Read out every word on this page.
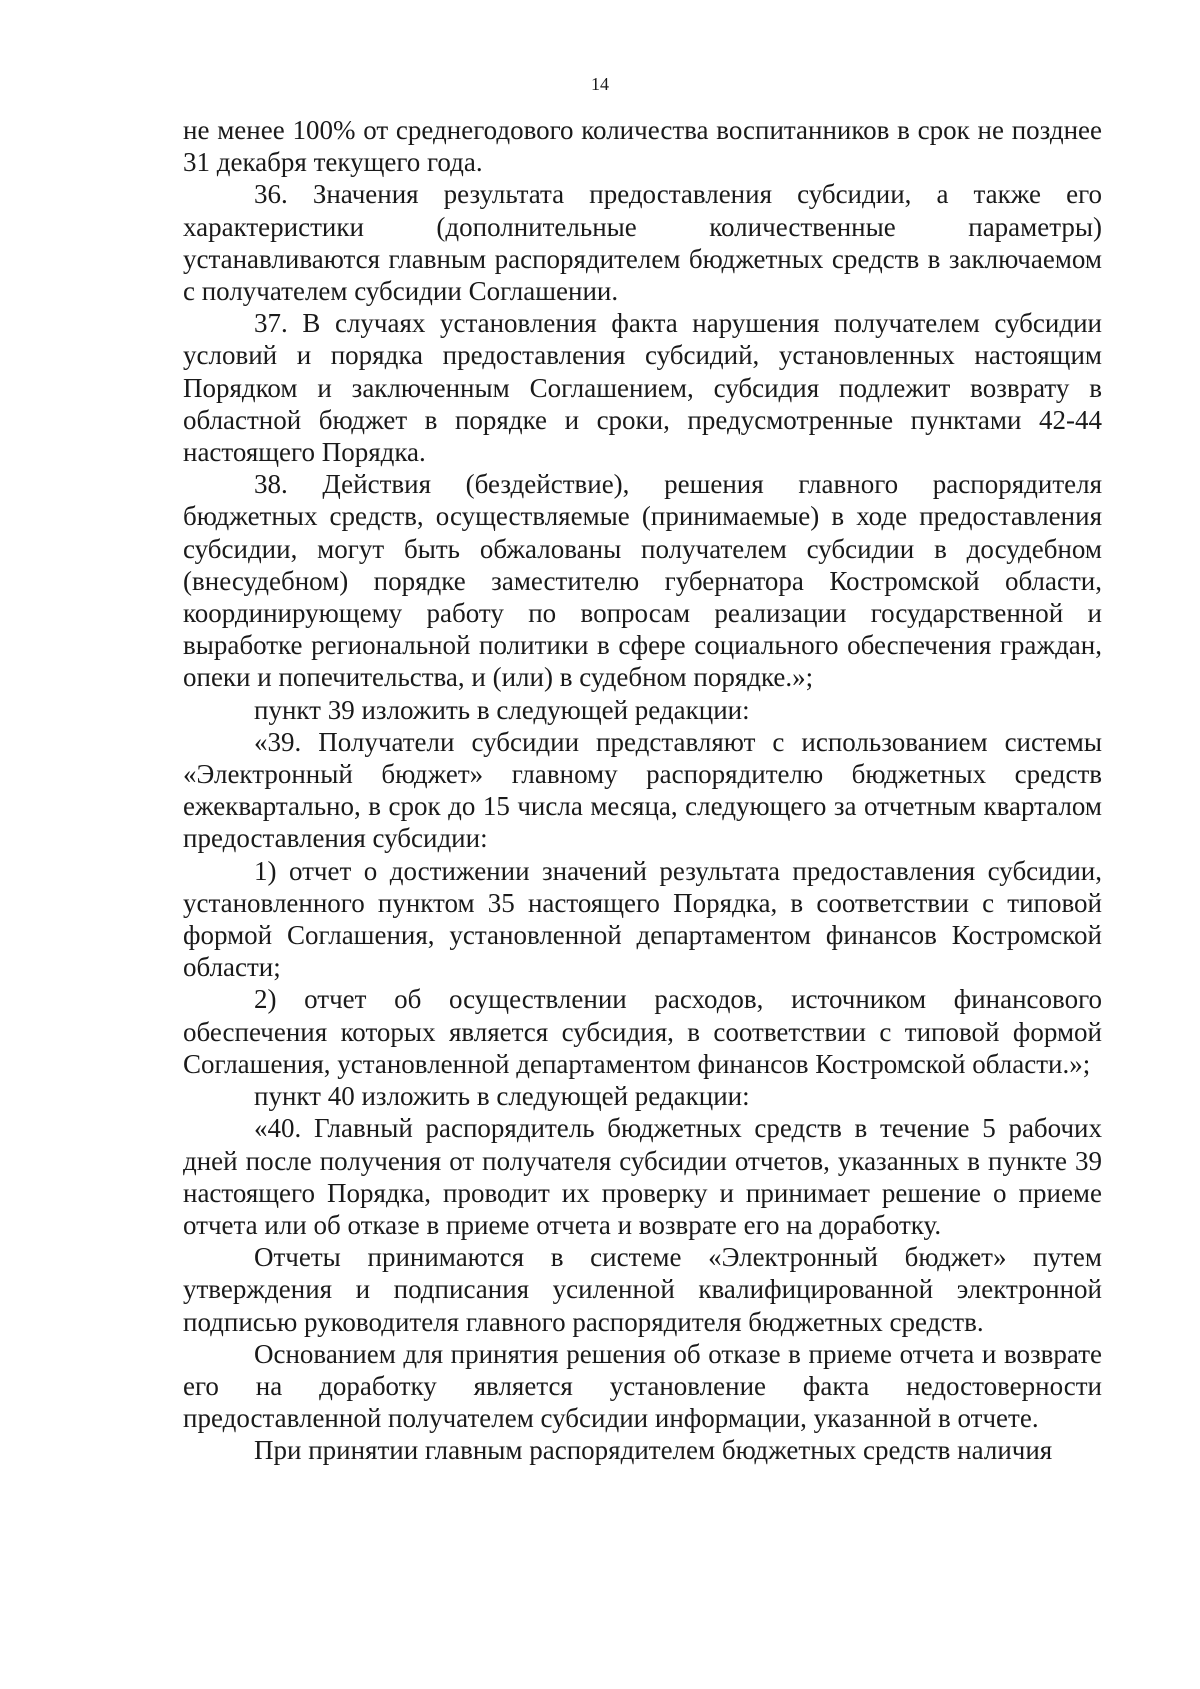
14

не менее 100% от среднегодового количества воспитанников в срок не позднее 31 декабря текущего года.

36. Значения результата предоставления субсидии, а также его характеристики (дополнительные количественные параметры) устанавливаются главным распорядителем бюджетных средств в заключаемом с получателем субсидии Соглашении.

37. В случаях установления факта нарушения получателем субсидии условий и порядка предоставления субсидий, установленных настоящим Порядком и заключенным Соглашением, субсидия подлежит возврату в областной бюджет в порядке и сроки, предусмотренные пунктами 42-44 настоящего Порядка.

38. Действия (бездействие), решения главного распорядителя бюджетных средств, осуществляемые (принимаемые) в ходе предоставления субсидии, могут быть обжалованы получателем субсидии в досудебном (внесудебном) порядке заместителю губернатора Костромской области, координирующему работу по вопросам реализации государственной и выработке региональной политики в сфере социального обеспечения граждан, опеки и попечительства, и (или) в судебном порядке.»;

пункт 39 изложить в следующей редакции:

«39. Получатели субсидии представляют с использованием системы «Электронный бюджет» главному распорядителю бюджетных средств ежеквартально, в срок до 15 числа месяца, следующего за отчетным кварталом предоставления субсидии:

1) отчет о достижении значений результата предоставления субсидии, установленного пунктом 35 настоящего Порядка, в соответствии с типовой формой Соглашения, установленной департаментом финансов Костромской области;

2) отчет об осуществлении расходов, источником финансового обеспечения которых является субсидия, в соответствии с типовой формой Соглашения, установленной департаментом финансов Костромской области.»;

пункт 40 изложить в следующей редакции:

«40. Главный распорядитель бюджетных средств в течение 5 рабочих дней после получения от получателя субсидии отчетов, указанных в пункте 39 настоящего Порядка, проводит их проверку и принимает решение о приеме отчета или об отказе в приеме отчета и возврате его на доработку.

Отчеты принимаются в системе «Электронный бюджет» путем утверждения и подписания усиленной квалифицированной электронной подписью руководителя главного распорядителя бюджетных средств.

Основанием для принятия решения об отказе в приеме отчета и возврате его на доработку является установление факта недостоверности предоставленной получателем субсидии информации, указанной в отчете.

При принятии главным распорядителем бюджетных средств наличия
